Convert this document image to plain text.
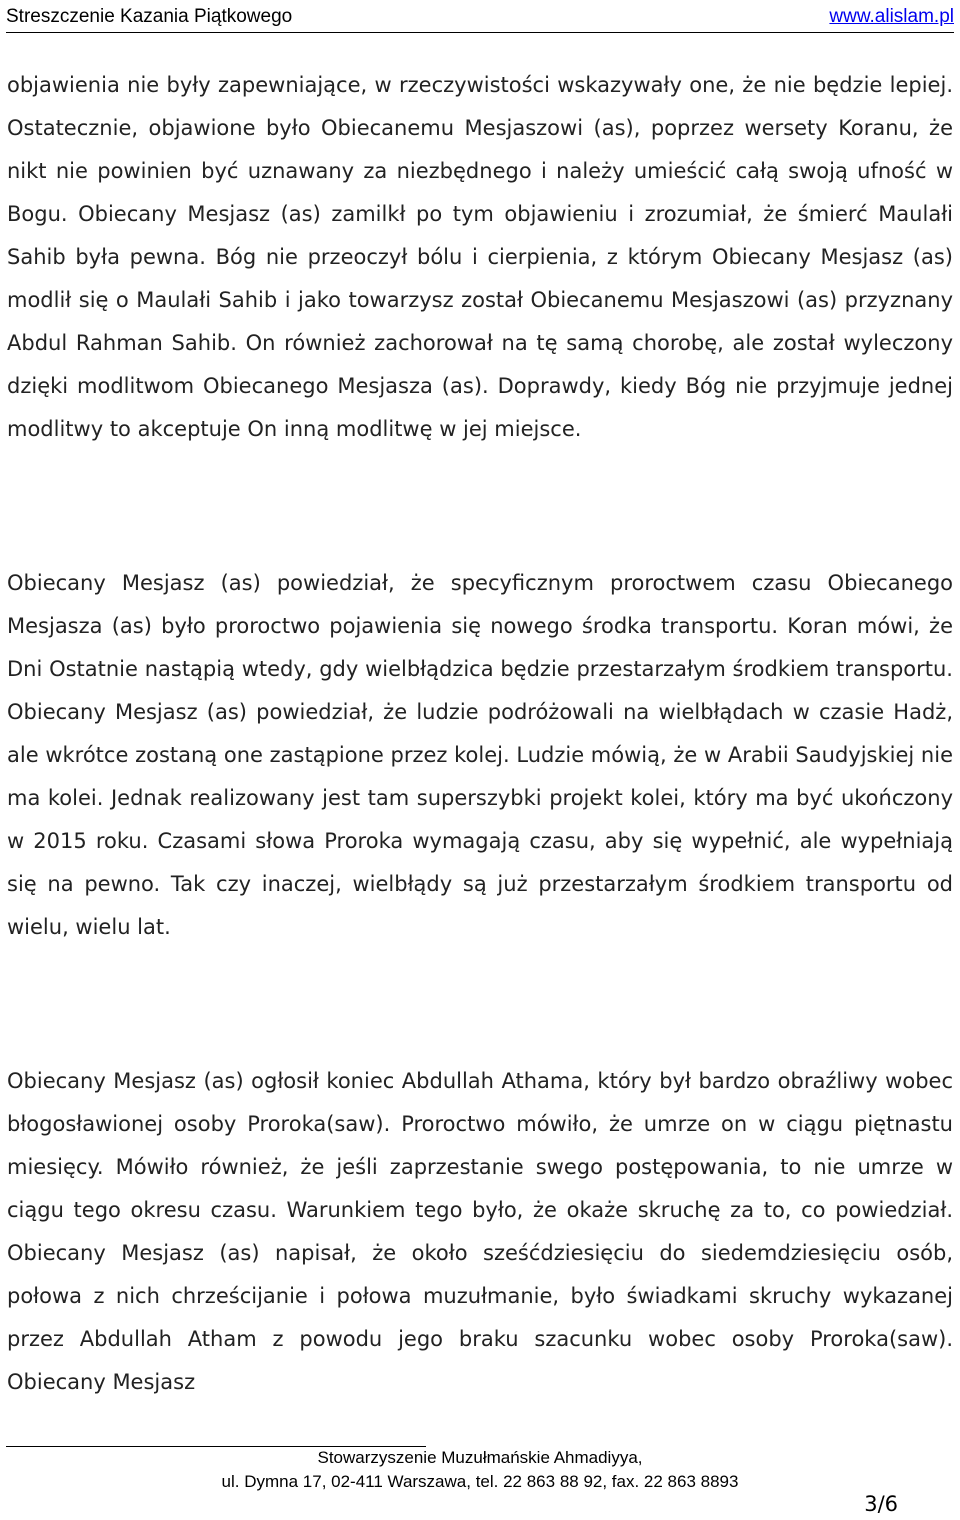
Streszczenie Kazania Piątkowego	www.alislam.pl

objawienia nie były zapewniające, w rzeczywistości wskazywały one, że nie będzie lepiej. Ostatecznie, objawione było Obiecanemu Mesjaszowi (as), poprzez wersety Koranu, że nikt nie powinien być uznawany za niezbędnego i należy umieścić całą swoją ufność w Bogu. Obiecany Mesjasz (as) zamilkł po tym objawieniu i zrozumiał, że śmierć Maulałi Sahib była pewna. Bóg nie przeoczył bólu i cierpienia, z którym Obiecany Mesjasz (as) modlił się o Maulałi Sahib i jako towarzysz został Obiecanemu Mesjaszowi (as) przyznany Abdul Rahman Sahib. On również zachorował na tę samą chorobę, ale został wyleczony dzięki modlitwom Obiecanego Mesjasza (as). Doprawdy, kiedy Bóg nie przyjmuje jednej modlitwy to akceptuje On inną modlitwę w jej miejsce.

Obiecany Mesjasz (as) powiedział, że specyficznym proroctwem czasu Obiecanego Mesjasza (as) było proroctwo pojawienia się nowego środka transportu. Koran mówi, że Dni Ostatnie nastąpią wtedy, gdy wielbłądzica będzie przestarzałym środkiem transportu. Obiecany Mesjasz (as) powiedział, że ludzie podróżowali na wielbłądach w czasie Hadż, ale wkrótce zostaną one zastąpione przez kolej. Ludzie mówią, że w Arabii Saudyjskiej nie ma kolei. Jednak realizowany jest tam superszybki projekt kolei, który ma być ukończony w 2015 roku. Czasami słowa Proroka wymagają czasu, aby się wypełnić, ale wypełniają się na pewno. Tak czy inaczej, wielbłądy są już przestarzałym środkiem transportu od wielu, wielu lat.

Obiecany Mesjasz (as) ogłosił koniec Abdullah Athama, który był bardzo obraźliwy wobec błogosławionej osoby Proroka(saw). Proroctwo mówiło, że umrze on w ciągu piętnastu miesięcy. Mówiło również, że jeśli zaprzestanie swego postępowania, to nie umrze w ciągu tego okresu czasu. Warunkiem tego było, że okaże skruchę za to, co powiedział. Obiecany Mesjasz (as) napisał, że około sześćdziesięciu do siedemdziesięciu osób, połowa z nich chrześcijanie i połowa muzułmanie, było świadkami skruchy wykazanej przez Abdullah Atham z powodu jego braku szacunku wobec osoby Proroka(saw). Obiecany Mesjasz

Stowarzyszenie Muzułmańskie Ahmadiyya,
ul. Dymna 17, 02-411 Warszawa, tel. 22 863 88 92, fax. 22 863 8893
3/6
